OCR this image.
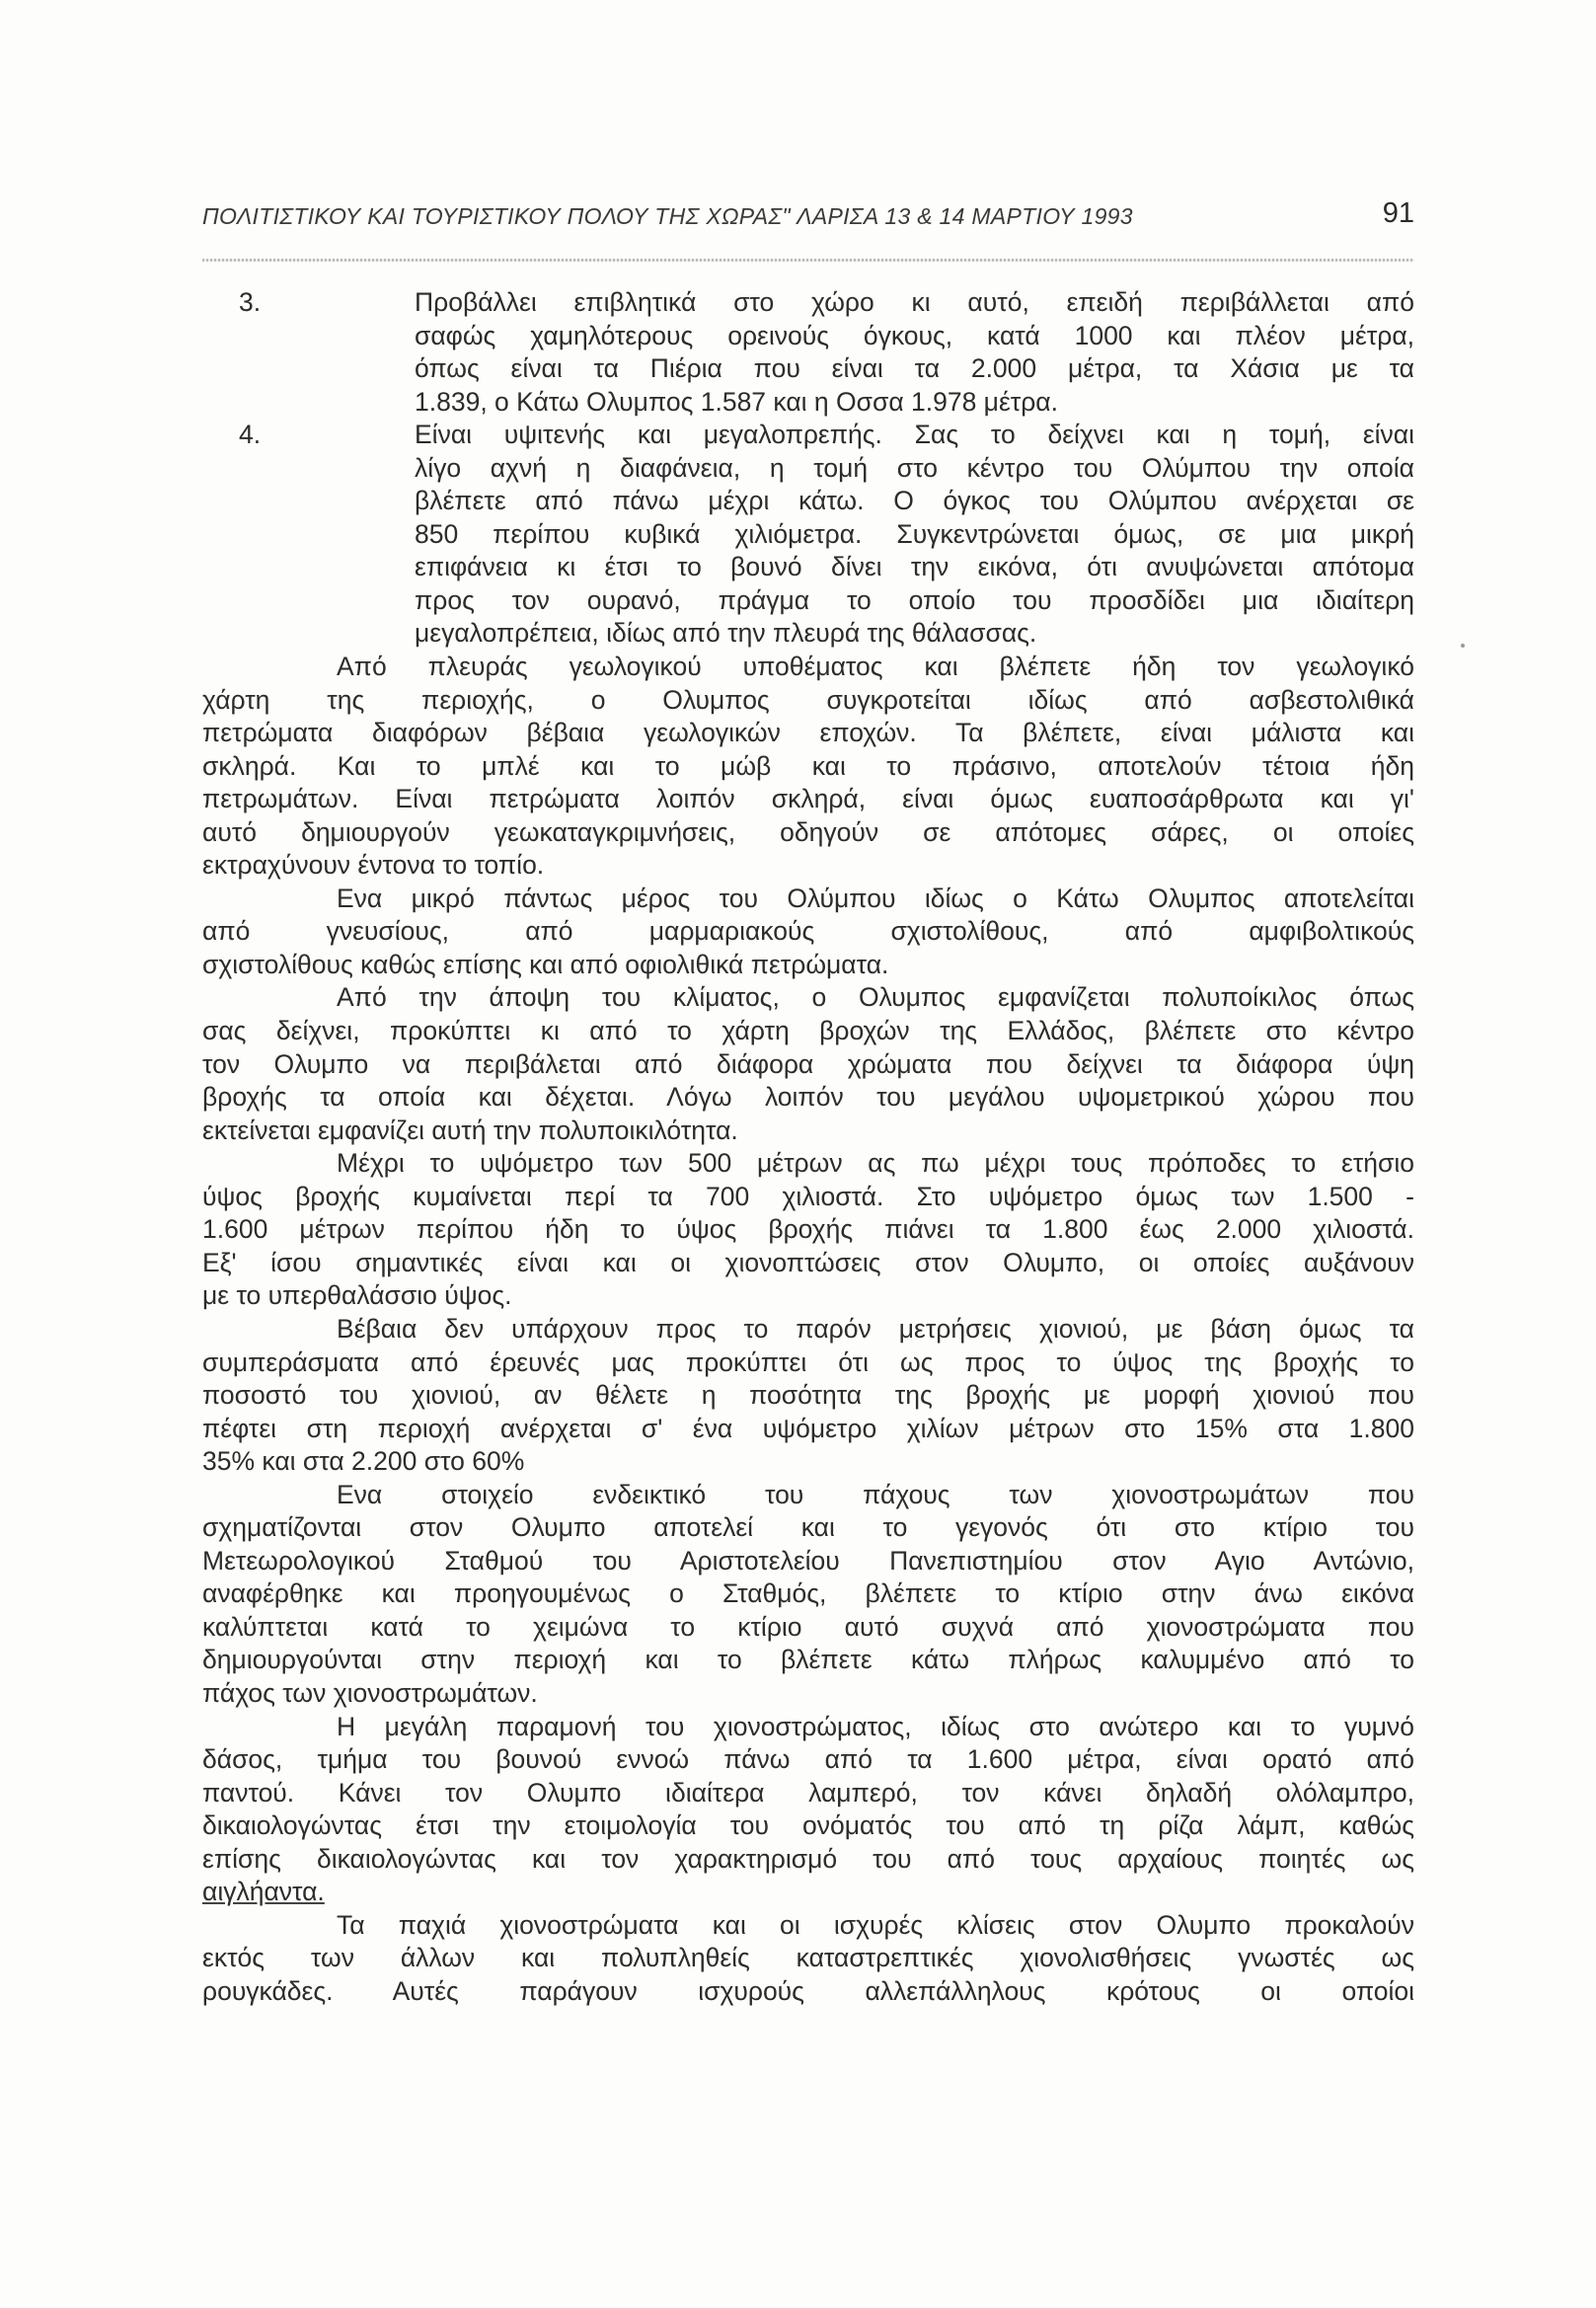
ΠΟΛΙΤΙΣΤΙΚΟΥ ΚΑΙ ΤΟΥΡΙΣΤΙΚΟΥ ΠΟΛΟΥ ΤΗΣ ΧΩΡΑΣ" ΛΑΡΙΣΑ 13 & 14 ΜΑΡΤΙΟΥ 1993	91
3.	Προβάλλει επιβλητικά στο χώρο κι αυτό, επειδή περιβάλλεται από
σαφώς χαμηλότερους ορεινούς όγκους, κατά 1000 και πλέον μέτρα,
όπως είναι τα Πιέρια που είναι τα 2.000 μέτρα, τα Χάσια με τα
1.839, ο Κάτω Ολυμπος 1.587 και η Οσσα 1.978 μέτρα.
4.	Είναι υψιτενής και μεγαλοπρεπής. Σας το δείχνει και η τομή, είναι
λίγο αχνή η διαφάνεια, η τομή στο κέντρο του Ολύμπου την οποία
βλέπετε από πάνω μέχρι κάτω. Ο όγκος του Ολύμπου ανέρχεται σε
850 περίπου κυβικά χιλιόμετρα. Συγκεντρώνεται όμως, σε μια μικρή
επιφάνεια κι έτσι το βουνό δίνει την εικόνα, ότι ανυψώνεται απότομα
προς τον ουρανό, πράγμα το οποίο του προσδίδει μια ιδιαίτερη
μεγαλοπρέπεια, ιδίως από την πλευρά της θάλασσας.
Από πλευράς γεωλογικού υποθέματος και βλέπετε ήδη τον γεωλογικό
χάρτη της περιοχής, ο Ολυμπος συγκροτείται ιδίως από ασβεστολιθικά
πετρώματα διαφόρων βέβαια γεωλογικών εποχών. Τα βλέπετε, είναι μάλιστα και
σκληρά. Και το μπλέ και το μώβ και το πράσινο, αποτελούν τέτοια ήδη
πετρωμάτων. Είναι πετρώματα λοιπόν σκληρά, είναι όμως ευαποσάρθρωτα και γι'
αυτό δημιουργούν γεωκαταγκριμνήσεις, οδηγούν σε απότομες σάρες, οι οποίες
εκτραχύνουν έντονα το τοπίο.
Ενα μικρό πάντως μέρος του Ολύμπου ιδίως ο Κάτω Ολυμπος αποτελείται
από γνευσίους, από μαρμαριακούς σχιστολίθους, από αμφιβολτικούς
σχιστολίθους καθώς επίσης και από οφιολιθικά πετρώματα.
Από την άποψη του κλίματος, ο Ολυμπος εμφανίζεται πολυποίκιλος όπως
σας δείχνει, προκύπτει κι από το χάρτη βροχών της Ελλάδος, βλέπετε στο κέντρο
τον Ολυμπο να περιβάλεται από διάφορα χρώματα που δείχνει τα διάφορα ύψη
βροχής τα οποία και δέχεται. Λόγω λοιπόν του μεγάλου υψομετρικού χώρου που
εκτείνεται εμφανίζει αυτή την πολυποικιλότητα.
Μέχρι το υψόμετρο των 500 μέτρων ας πω μέχρι τους πρόποδες το ετήσιο
ύψος βροχής κυμαίνεται περί τα 700 χιλιοστά. Στο υψόμετρο όμως των 1.500 -
1.600 μέτρων περίπου ήδη το ύψος βροχής πιάνει τα 1.800 έως 2.000 χιλιοστά.
Εξ' ίσου σημαντικές είναι και οι χιονοπτώσεις στον Ολυμπο, οι οποίες αυξάνουν
με το υπερθαλάσσιο ύψος.
Βέβαια δεν υπάρχουν προς το παρόν μετρήσεις χιονιού, με βάση όμως τα
συμπεράσματα από έρευνές μας προκύπτει ότι ως προς το ύψος της βροχής το
ποσοστό του χιονιού, αν θέλετε η ποσότητα της βροχής με μορφή χιονιού που
πέφτει στη περιοχή ανέρχεται σ' ένα υψόμετρο χιλίων μέτρων στο 15% στα 1.800
35% και στα 2.200 στο 60%
Ενα στοιχείο ενδεικτικό του πάχους των χιονοστρωμάτων που
σχηματίζονται στον Ολυμπο αποτελεί και το γεγονός ότι στο κτίριο του
Μετεωρολογικού Σταθμού του Αριστοτελείου Πανεπιστημίου στον Αγιο Αντώνιο,
αναφέρθηκε και προηγουμένως ο Σταθμός, βλέπετε το κτίριο στην άνω εικόνα
καλύπτεται κατά το χειμώνα το κτίριο αυτό συχνά από χιονοστρώματα που
δημιουργούνται στην περιοχή και το βλέπετε κάτω πλήρως καλυμμένο από το
πάχος των χιονοστρωμάτων.
Η μεγάλη παραμονή του χιονοστρώματος, ιδίως στο ανώτερο και το γυμνό
δάσος, τμήμα του βουνού εννοώ πάνω από τα 1.600 μέτρα, είναι ορατό από
παντού. Κάνει τον Ολυμπο ιδιαίτερα λαμπερό, τον κάνει δηλαδή ολόλαμπρο,
δικαιολογώντας έτσι την ετοιμολογία του ονόματός του από τη ρίζα λάμπ, καθώς
επίσης δικαιολογώντας και τον χαρακτηρισμό του από τους αρχαίους ποιητές ως
αιγλήαντα.
Τα παχιά χιονοστρώματα και οι ισχυρές κλίσεις στον Ολυμπο προκαλούν
εκτός των άλλων και πολυπληθείς καταστρεπτικές χιονολισθήσεις γνωστές ως
ρουγκάδες. Αυτές παράγουν ισχυρούς αλλεπάλληλους κρότους οι οποίοι
